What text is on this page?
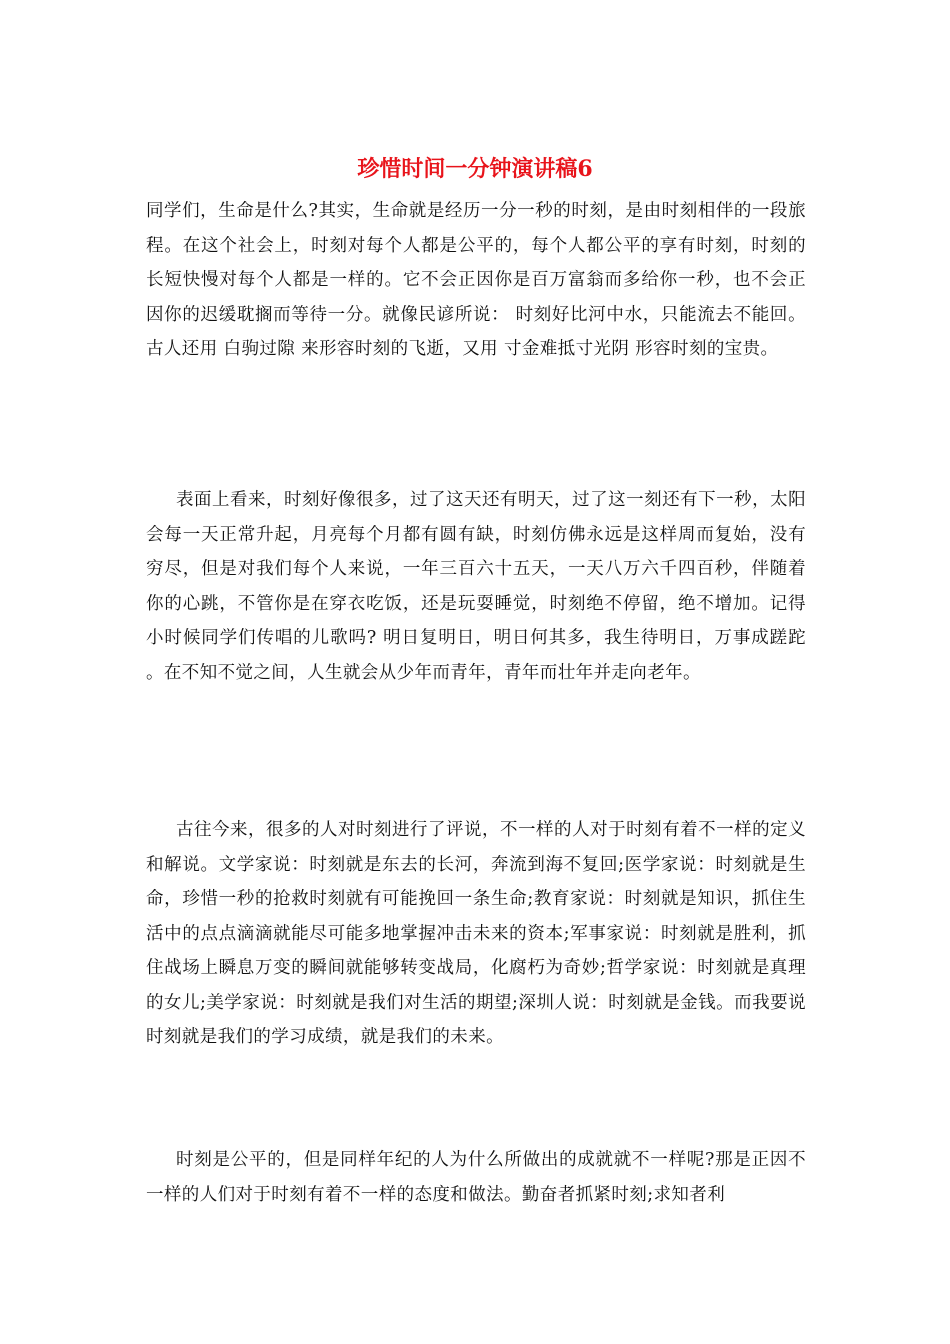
珍惜时间一分钟演讲稿6

同学们，生命是什么?其实，生命就是经历一分一秒的时刻，是由时刻相伴的一段旅程。在这个社会上，时刻对每个人都是公平的，每个人都公平的享有时刻，时刻的长短快慢对每个人都是一样的。它不会正因你是百万富翁而多给你一秒，也不会正因你的迟缓耽搁而等待一分。就像民谚所说： 时刻好比河中水，只能流去不能回。 古人还用 白驹过隙 来形容时刻的飞逝，又用 寸金难抵寸光阴 形容时刻的宝贵。

表面上看来，时刻好像很多，过了这天还有明天，过了这一刻还有下一秒，太阳会每一天正常升起，月亮每个月都有圆有缺，时刻仿佛永远是这样周而复始，没有穷尽，但是对我们每个人来说，一年三百六十五天，一天八万六千四百秒，伴随着你的心跳，不管你是在穿衣吃饭，还是玩耍睡觉，时刻绝不停留，绝不增加。记得小时候同学们传唱的儿歌吗? 明日复明日，明日何其多，我生待明日，万事成蹉跎 。在不知不觉之间，人生就会从少年而青年，青年而壮年并走向老年。

古往今来，很多的人对时刻进行了评说，不一样的人对于时刻有着不一样的定义和解说。文学家说：时刻就是东去的长河，奔流到海不复回;医学家说：时刻就是生命，珍惜一秒的抢救时刻就有可能挽回一条生命;教育家说：时刻就是知识，抓住生活中的点点滴滴就能尽可能多地掌握冲击未来的资本;军事家说：时刻就是胜利，抓住战场上瞬息万变的瞬间就能够转变战局，化腐朽为奇妙;哲学家说：时刻就是真理的女儿;美学家说：时刻就是我们对生活的期望;深圳人说：时刻就是金钱。而我要说时刻就是我们的学习成绩，就是我们的未来。

时刻是公平的，但是同样年纪的人为什么所做出的成就就不一样呢?那是正因不一样的人们对于时刻有着不一样的态度和做法。勤奋者抓紧时刻;求知者利
